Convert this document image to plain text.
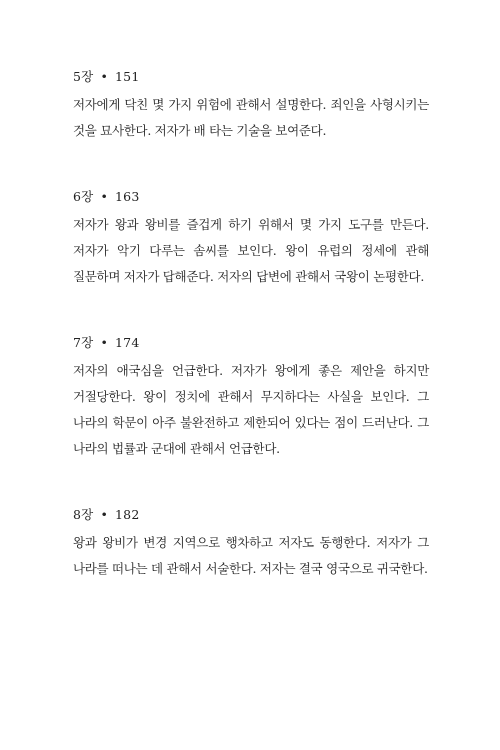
5장 • 151

저자에게 닥친 몇 가지 위험에 관해서 설명한다. 죄인을 사형시키는 것을 묘사한다. 저자가 배 타는 기술을 보여준다.

6장 • 163

저자가 왕과 왕비를 즐겁게 하기 위해서 몇 가지 도구를 만든다. 저자가 악기 다루는 솜씨를 보인다. 왕이 유럽의 정세에 관해 질문하며 저자가 답해준다. 저자의 답변에 관해서 국왕이 논평한다.

7장 • 174

저자의 애국심을 언급한다. 저자가 왕에게 좋은 제안을 하지만 거절당한다. 왕이 정치에 관해서 무지하다는 사실을 보인다. 그 나라의 학문이 아주 불완전하고 제한되어 있다는 점이 드러난다. 그 나라의 법률과 군대에 관해서 언급한다.

8장 • 182

왕과 왕비가 변경 지역으로 행차하고 저자도 동행한다. 저자가 그 나라를 떠나는 데 관해서 서술한다. 저자는 결국 영국으로 귀국한다.
